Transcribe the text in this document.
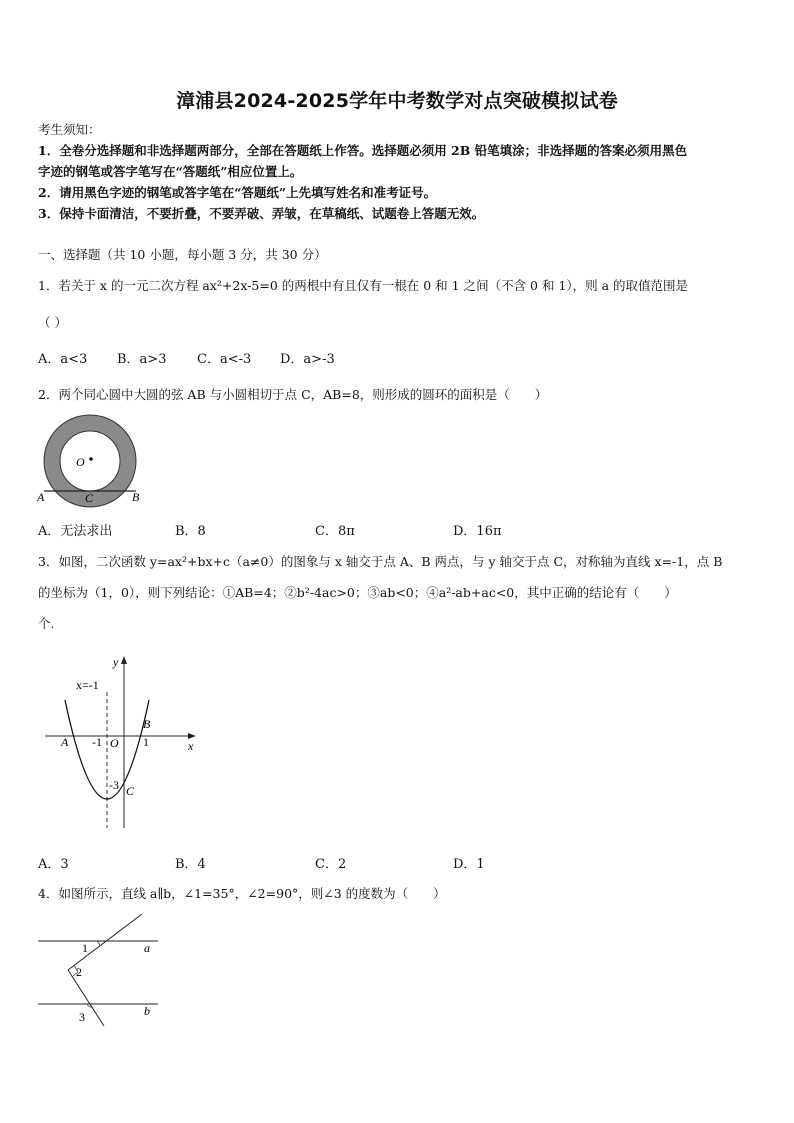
漳浦县2024-2025学年中考数学对点突破模拟试卷
考生须知：
1．全卷分选择题和非选择题两部分，全部在答题纸上作答。选择题必须用 2B 铅笔填涂；非选择题的答案必须用黑色
字迹的钢笔或答字笔写在“答题纸”相应位置上。
2．请用黑色字迹的钢笔或答字笔在“答题纸”上先填写姓名和准考证号。
3．保持卡面清洁，不要折叠，不要弄破、弄皱，在草稿纸、试题卷上答题无效。
一、选择题（共 10 小题，每小题 3 分，共 30 分）
1．若关于 x 的一元二次方程 ax²+2x-5=0 的两根中有且仅有一根在 0 和 1 之间（不含 0 和 1），则 a 的取值范围是
（ ）
A．a<3 B．a>3 C．a<-3 D．a>-3
2．两个同心圆中大圆的弦 AB 与小圆相切于点 C，AB=8，则形成的圆环的面积是（　　）
O
A	C	B
A．无法求出	B．8	C．8π	D．16π
3．如图，二次函数 y=ax²+bx+c（a≠0）的图象与 x 轴交于点 A、B 两点，与 y 轴交于点 C，对称轴为直线 x=-1，点 B
的坐标为（1，0），则下列结论：①AB=4；②b²-4ac>0；③ab<0；④a²-ab+ac<0，其中正确的结论有（　　）
个.
x=-1
y
x
A
B
-1 O 1
-3 C
A．3	B．4	C．2	D．1
4．如图所示，直线 a∥b，∠1=35°，∠2=90°，则∠3 的度数为（　　）
1
2
3
a
b
